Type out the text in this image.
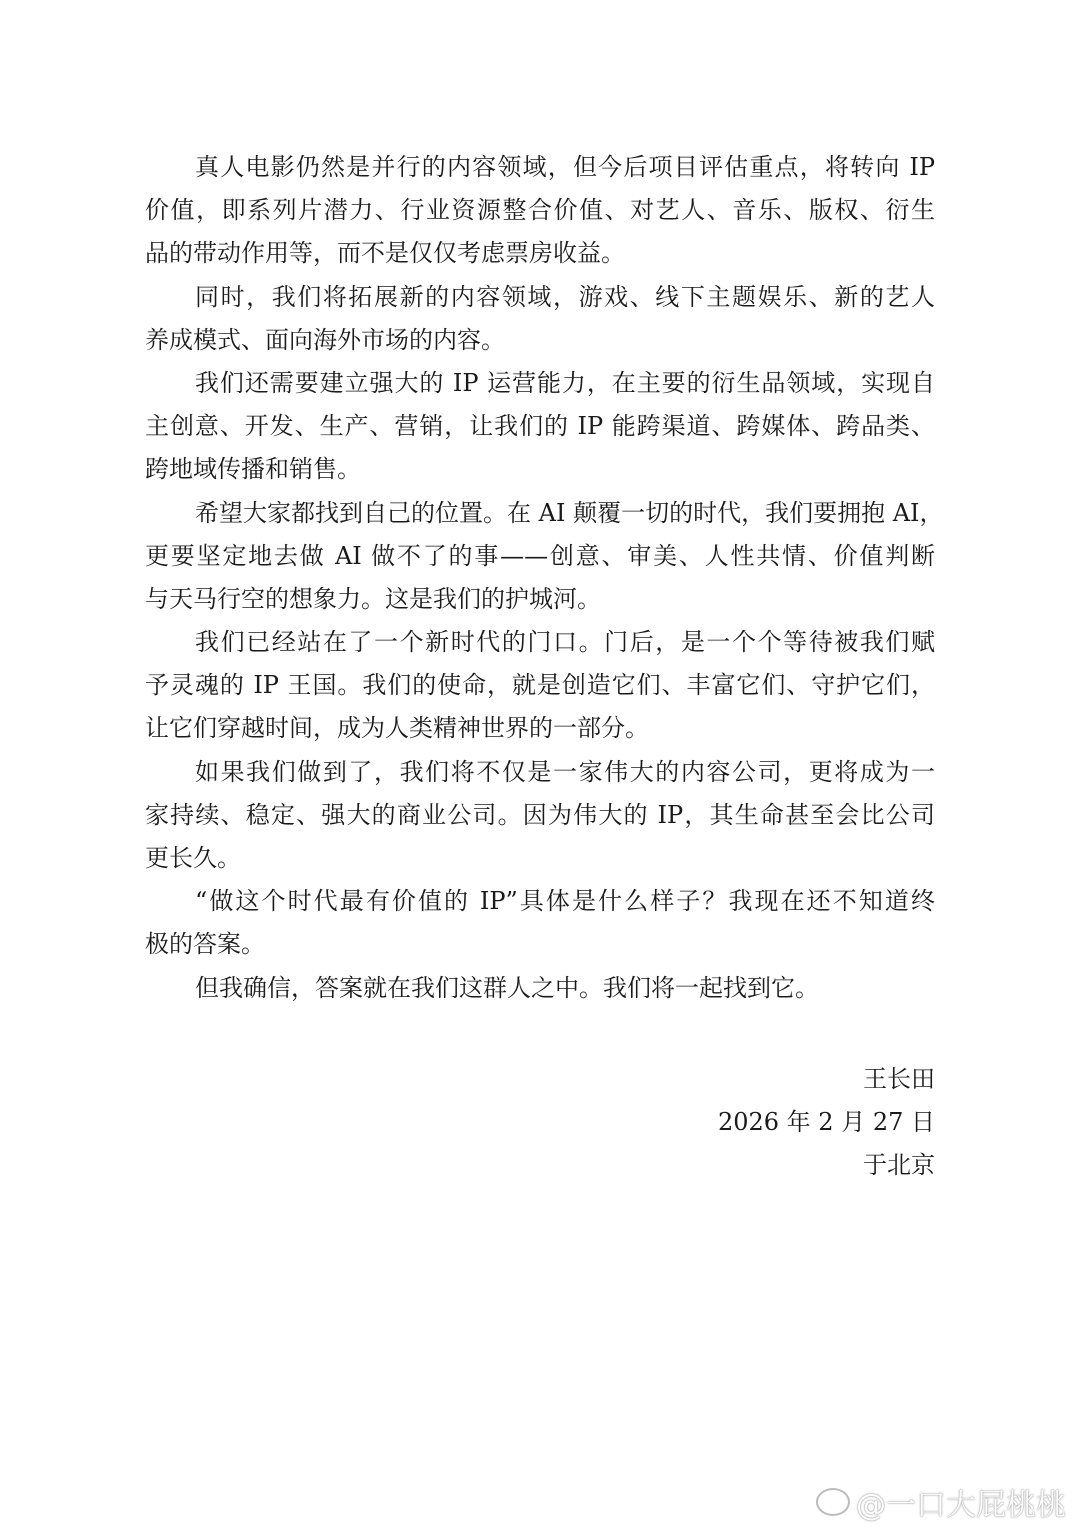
真人电影仍然是并行的内容领域，但今后项目评估重点，将转向 IP
价值，即系列片潜力、行业资源整合价值、对艺人、音乐、版权、衍生
品的带动作用等，而不是仅仅考虑票房收益。
同时，我们将拓展新的内容领域，游戏、线下主题娱乐、新的艺人
养成模式、面向海外市场的内容。
我们还需要建立强大的 IP 运营能力，在主要的衍生品领域，实现自
主创意、开发、生产、营销，让我们的 IP 能跨渠道、跨媒体、跨品类、
跨地域传播和销售。
希望大家都找到自己的位置。在 AI 颠覆一切的时代，我们要拥抱 AI，
更要坚定地去做 AI 做不了的事——创意、审美、人性共情、价值判断
与天马行空的想象力。这是我们的护城河。
我们已经站在了一个新时代的门口。门后，是一个个等待被我们赋
予灵魂的 IP 王国。我们的使命，就是创造它们、丰富它们、守护它们，
让它们穿越时间，成为人类精神世界的一部分。
如果我们做到了，我们将不仅是一家伟大的内容公司，更将成为一
家持续、稳定、强大的商业公司。因为伟大的 IP，其生命甚至会比公司
更长久。
“做这个时代最有价值的 IP”具体是什么样子？我现在还不知道终
极的答案。
但我确信，答案就在我们这群人之中。我们将一起找到它。
王长田
2026 年 2 月 27 日
于北京
@一口大屁桃桃
